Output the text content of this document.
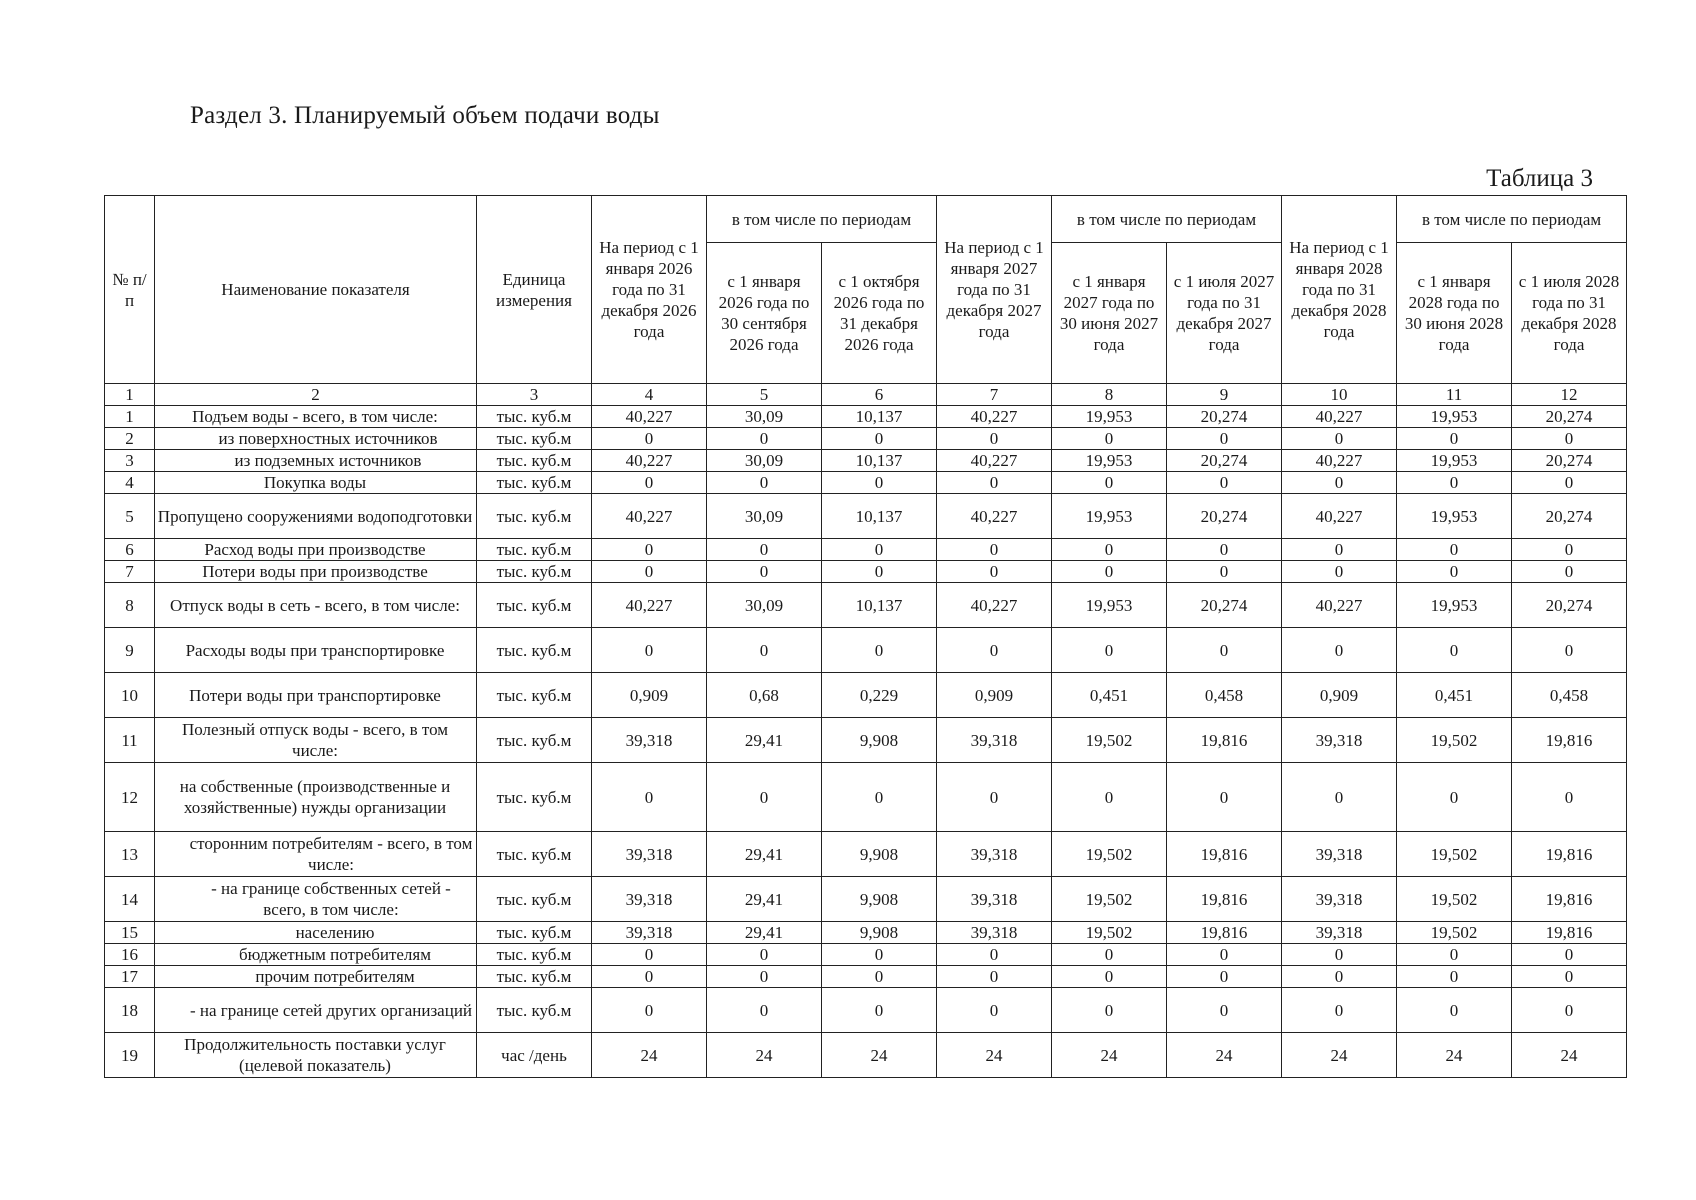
Раздел 3. Планируемый объем подачи воды
Таблица 3
№ п/п	Наименование показателя	Единица измерения	На период с 1 января 2026 года по 31 декабря 2026 года	в том числе по периодам		На период с 1 января 2027 года по 31 декабря 2027 года	в том числе по периодам		На период с 1 января 2028 года по 31 декабря 2028 года	в том числе по периодам	
				с 1 января 2026 года по 30 сентября 2026 года	с 1 октября 2026 года по 31 декабря 2026 года		с 1 января 2027 года по 30 июня 2027 года	с 1 июля 2027 года по 31 декабря 2027 года		с 1 января 2028 года по 30 июня 2028 года	с 1 июля 2028 года по 31 декабря 2028 года
1	2	3	4	5	6	7	8	9	10	11	12
1	Подъем воды - всего, в том числе:	тыс. куб.м	40,227	30,09	10,137	40,227	19,953	20,274	40,227	19,953	20,274
2	из поверхностных источников	тыс. куб.м	0	0	0	0	0	0	0	0	0
3	из подземных источников	тыс. куб.м	40,227	30,09	10,137	40,227	19,953	20,274	40,227	19,953	20,274
4	Покупка воды	тыс. куб.м	0	0	0	0	0	0	0	0	0
5	Пропущено сооружениями водоподготовки	тыс. куб.м	40,227	30,09	10,137	40,227	19,953	20,274	40,227	19,953	20,274
6	Расход воды при производстве	тыс. куб.м	0	0	0	0	0	0	0	0	0
7	Потери воды при производстве	тыс. куб.м	0	0	0	0	0	0	0	0	0
8	Отпуск воды в сеть - всего, в том числе:	тыс. куб.м	40,227	30,09	10,137	40,227	19,953	20,274	40,227	19,953	20,274
9	Расходы воды при транспортировке	тыс. куб.м	0	0	0	0	0	0	0	0	0
10	Потери воды при транспортировке	тыс. куб.м	0,909	0,68	0,229	0,909	0,451	0,458	0,909	0,451	0,458
11	Полезный отпуск воды - всего, в том числе:	тыс. куб.м	39,318	29,41	9,908	39,318	19,502	19,816	39,318	19,502	19,816
12	на собственные (производственные и хозяйственные) нужды организации	тыс. куб.м	0	0	0	0	0	0	0	0	0
13	сторонним потребителям - всего, в том числе:	тыс. куб.м	39,318	29,41	9,908	39,318	19,502	19,816	39,318	19,502	19,816
14	- на границе собственных сетей - всего, в том числе:	тыс. куб.м	39,318	29,41	9,908	39,318	19,502	19,816	39,318	19,502	19,816
15	населению	тыс. куб.м	39,318	29,41	9,908	39,318	19,502	19,816	39,318	19,502	19,816
16	бюджетным потребителям	тыс. куб.м	0	0	0	0	0	0	0	0	0
17	прочим потребителям	тыс. куб.м	0	0	0	0	0	0	0	0	0
18	- на границе сетей других организаций	тыс. куб.м	0	0	0	0	0	0	0	0	0
19	Продолжительность поставки услуг (целевой показатель)	час /день	24	24	24	24	24	24	24	24	24
